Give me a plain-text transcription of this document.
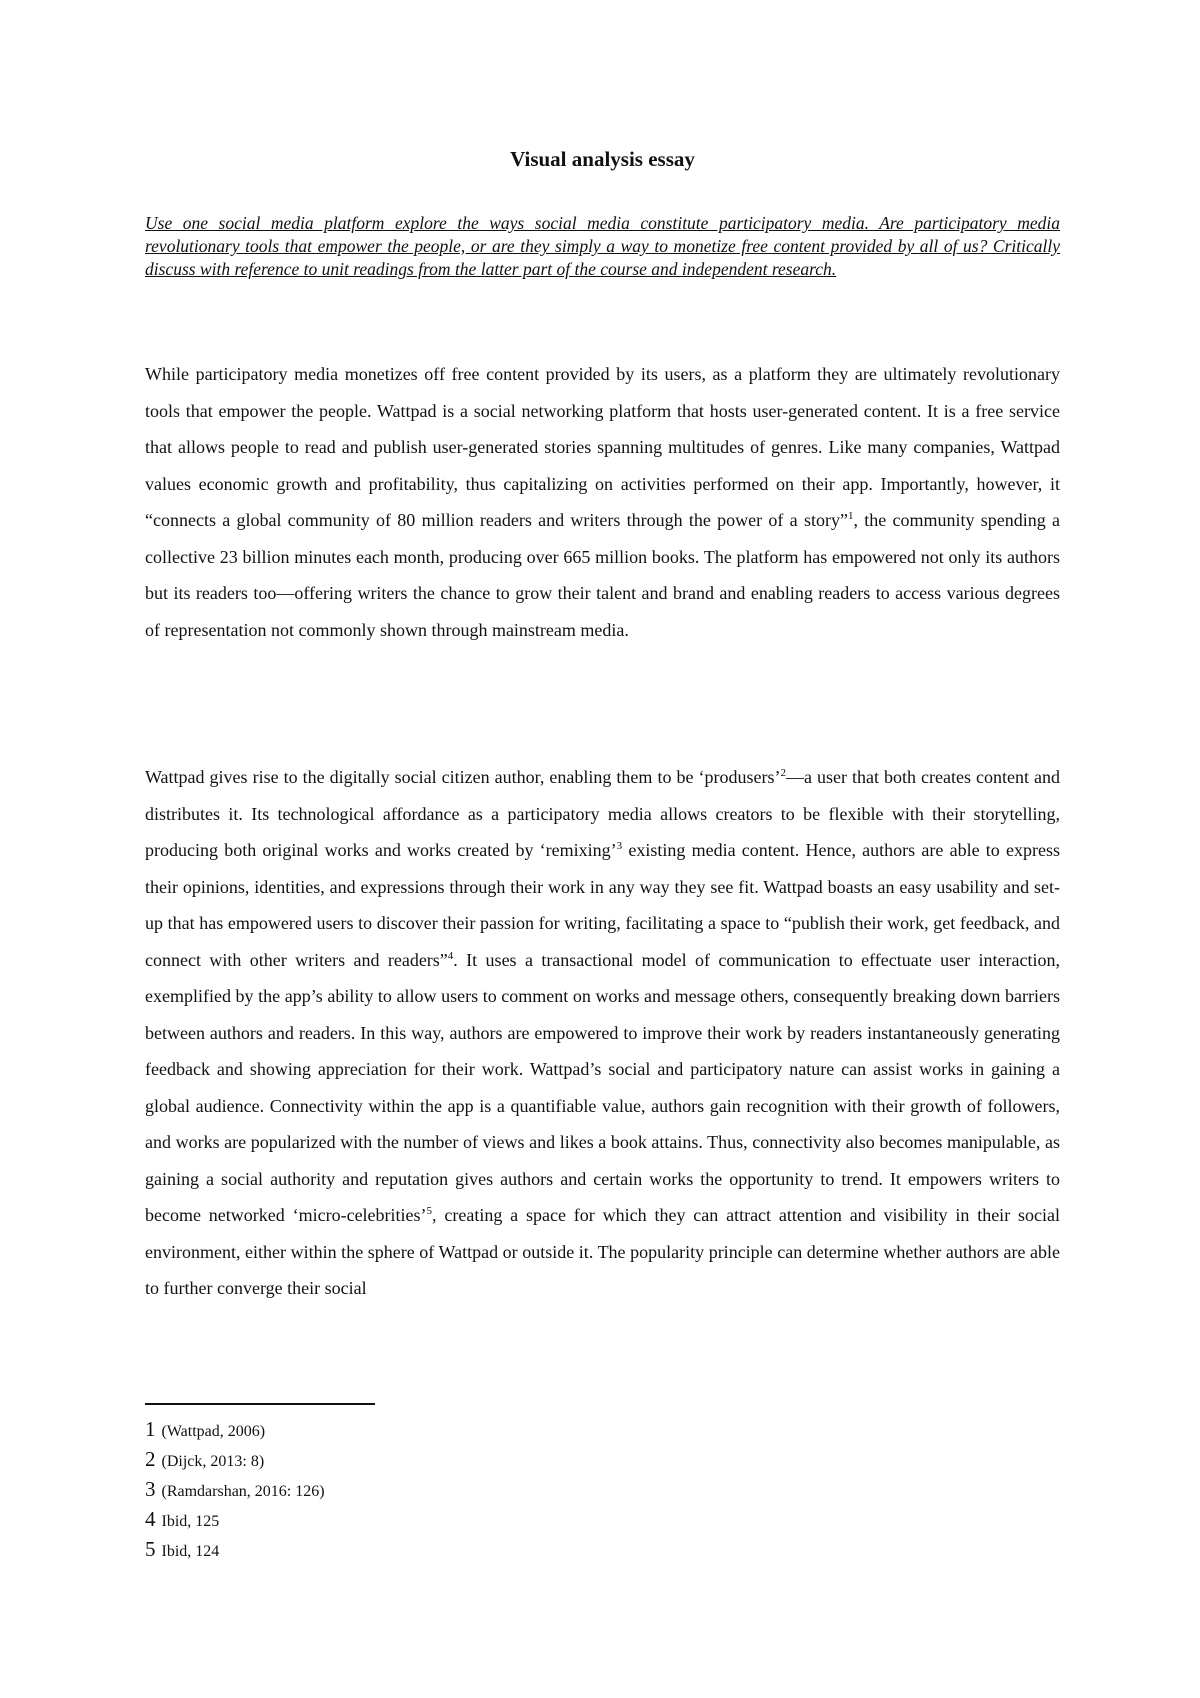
Visual analysis essay

Use one social media platform explore the ways social media constitute participatory media. Are participatory media revolutionary tools that empower the people, or are they simply a way to monetize free content provided by all of us? Critically discuss with reference to unit readings from the latter part of the course and independent research.

While participatory media monetizes off free content provided by its users, as a platform they are ultimately revolutionary tools that empower the people. Wattpad is a social networking platform that hosts user-generated content. It is a free service that allows people to read and publish user-generated stories spanning multitudes of genres. Like many companies, Wattpad values economic growth and profitability, thus capitalizing on activities performed on their app. Importantly, however, it “connects a global community of 80 million readers and writers through the power of a story”$^1$, the community spending a collective 23 billion minutes each month, producing over 665 million books. The platform has empowered not only its authors but its readers too—offering writers the chance to grow their talent and brand and enabling readers to access various degrees of representation not commonly shown through mainstream media.

Wattpad gives rise to the digitally social citizen author, enabling them to be ‘produsers’$^2$—a user that both creates content and distributes it. Its technological affordance as a participatory media allows creators to be flexible with their storytelling, producing both original works and works created by ‘remixing’$^3$ existing media content. Hence, authors are able to express their opinions, identities, and expressions through their work in any way they see fit. Wattpad boasts an easy usability and set-up that has empowered users to discover their passion for writing, facilitating a space to “publish their work, get feedback, and connect with other writers and readers”$^4$. It uses a transactional model of communication to effectuate user interaction, exemplified by the app’s ability to allow users to comment on works and message others, consequently breaking down barriers between authors and readers. In this way, authors are empowered to improve their work by readers instantaneously generating feedback and showing appreciation for their work. Wattpad’s social and participatory nature can assist works in gaining a global audience. Connectivity within the app is a quantifiable value, authors gain recognition with their growth of followers, and works are popularized with the number of views and likes a book attains. Thus, connectivity also becomes manipulable, as gaining a social authority and reputation gives authors and certain works the opportunity to trend. It empowers writers to become networked ‘micro-celebrities’$^5$, creating a space for which they can attract attention and visibility in their social environment, either within the sphere of Wattpad or outside it. The popularity principle can determine whether authors are able to further converge their social

1 (Wattpad, 2006)
2 (Dijck, 2013: 8)
3 (Ramdarshan, 2016: 126)
4 Ibid, 125
5 Ibid, 124
